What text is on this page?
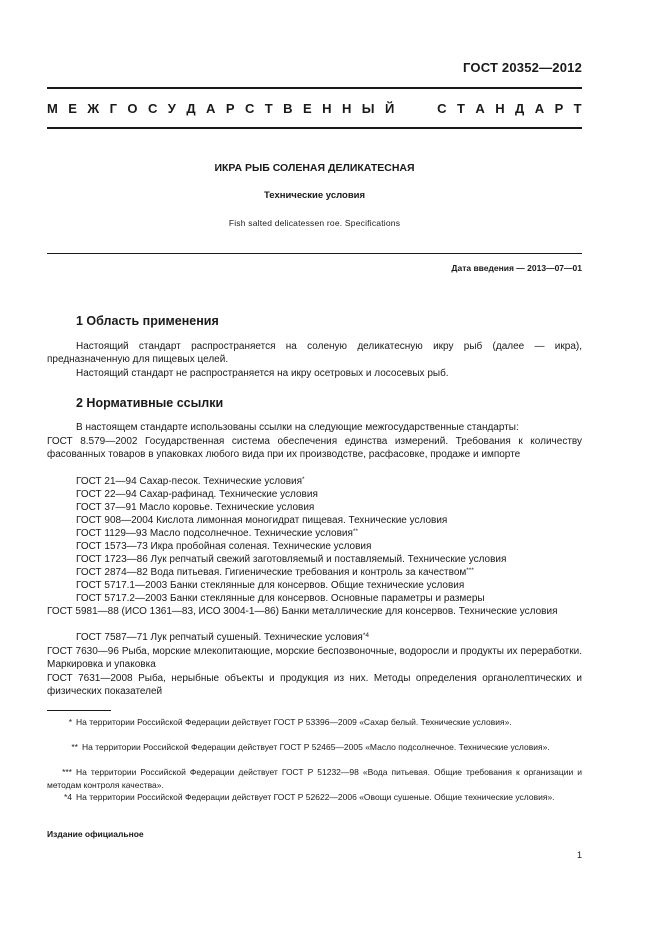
ГОСТ 20352—2012
М Е Ж Г О С У Д А Р С Т В Е Н Н Ы Й	С Т А Н Д А Р Т
ИКРА РЫБ СОЛЕНАЯ ДЕЛИКАТЕСНАЯ
Технические условия
Fish salted delicatessen roe. Specifications
Дата введения — 2013—07—01
1 Область применения
Настоящий стандарт распространяется на соленую деликатесную икру рыб (далее — икра), предназначенную для пищевых целей.
Настоящий стандарт не распространяется на икру осетровых и лососевых рыб.
2 Нормативные ссылки
В настоящем стандарте использованы ссылки на следующие межгосударственные стандарты:
ГОСТ 8.579—2002 Государственная система обеспечения единства измерений. Требования к количеству фасованных товаров в упаковках любого вида при их производстве, расфасовке, продаже и импорте
ГОСТ 21—94 Сахар-песок. Технические условия*
ГОСТ 22—94 Сахар-рафинад. Технические условия
ГОСТ 37—91 Масло коровье. Технические условия
ГОСТ 908—2004 Кислота лимонная моногидрат пищевая. Технические условия
ГОСТ 1129—93 Масло подсолнечное. Технические условия**
ГОСТ 1573—73 Икра пробойная соленая. Технические условия
ГОСТ 1723—86 Лук репчатый свежий заготовляемый и поставляемый. Технические условия
ГОСТ 2874—82 Вода питьевая. Гигиенические требования и контроль за качеством***
ГОСТ 5717.1—2003 Банки стеклянные для консервов. Общие технические условия
ГОСТ 5717.2—2003 Банки стеклянные для консервов. Основные параметры и размеры
ГОСТ 5981—88 (ИСО 1361—83, ИСО 3004-1—86) Банки металлические для консервов. Технические условия
ГОСТ 7587—71 Лук репчатый сушеный. Технические условия$^{*4}$
ГОСТ 7630—96 Рыба, морские млекопитающие, морские беспозвоночные, водоросли и продукты их переработки. Маркировка и упаковка
ГОСТ 7631—2008 Рыба, нерыбные объекты и продукция из них. Методы определения органолептических и физических показателей
* На территории Российской Федерации действует ГОСТ Р 53396—2009 «Сахар белый. Технические условия».
** На территории Российской Федерации действует ГОСТ Р 52465—2005 «Масло подсолнечное. Технические условия».
*** На территории Российской Федерации действует ГОСТ Р 51232—98 «Вода питьевая. Общие требования к организации и методам контроля качества».
*4 На территории Российской Федерации действует ГОСТ Р 52622—2006 «Овощи сушеные. Общие технические условия».
Издание официальное
1
